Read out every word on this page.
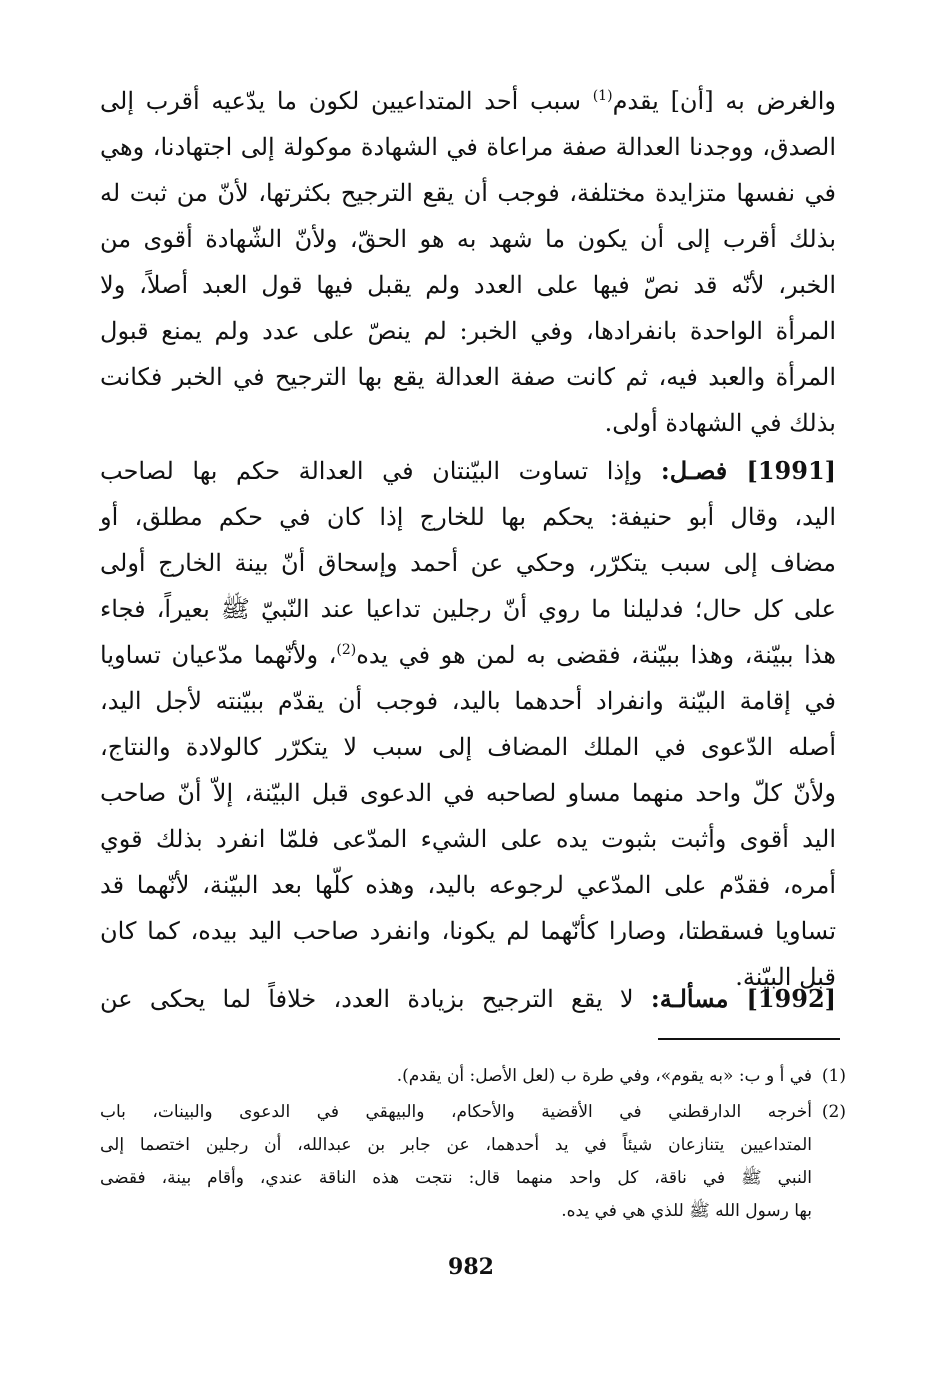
والغرض به [أن] يقدم$^{(1)}$ سبب أحد المتداعيين لكون ما يدّعيه أقرب إلى
الصدق، ووجدنا العدالة صفة مراعاة في الشهادة موكولة إلى اجتهادنا، وهي
في نفسها متزايدة مختلفة، فوجب أن يقع الترجيح بكثرتها، لأنّ من ثبت له
بذلك أقرب إلى أن يكون ما شهد به هو الحقّ، ولأنّ الشّهادة أقوى من
الخبر، لأنّه قد نصّ فيها على العدد ولم يقبل فيها قول العبد أصلاً، ولا
المرأة الواحدة بانفرادها، وفي الخبر: لم ينصّ على عدد ولم يمنع قبول
المرأة والعبد فيه، ثم كانت صفة العدالة يقع بها الترجيح في الخبر فكانت
بذلك في الشهادة أولى.
[1991] فصـل: وإذا تساوت البيّنتان في العدالة حكم بها لصاحب
اليد، وقال أبو حنيفة: يحكم بها للخارج إذا كان في حكم مطلق، أو
مضاف إلى سبب يتكرّر، وحكي عن أحمد وإسحاق أنّ بينة الخارج أولى
على كل حال؛ فدليلنا ما روي أنّ رجلين تداعيا عند النّبيّ ﷺ بعيراً، فجاء
هذا ببيّنة، وهذا ببيّنة، فقضى به لمن هو في يده$^{(2)}$، ولأنّهما مدّعيان تساويا
في إقامة البيّنة وانفراد أحدهما باليد، فوجب أن يقدّم ببيّنته لأجل اليد،
أصله الدّعوى في الملك المضاف إلى سبب لا يتكرّر كالولادة والنتاج،
ولأنّ كلّ واحد منهما مساو لصاحبه في الدعوى قبل البيّنة، إلاّ أنّ صاحب
اليد أقوى وأثبت بثبوت يده على الشيء المدّعى فلمّا انفرد بذلك قوي
أمره، فقدّم على المدّعي لرجوعه باليد، وهذه كلّها بعد البيّنة، لأنّهما قد
تساويا فسقطتا، وصارا كأنّهما لم يكونا، وانفرد صاحب اليد بيده، كما كان
قبل البيّنة.
[1992] مسألـة: لا يقع الترجيح بزيادة العدد، خلافاً لما يحكى عن
(1)في أ و ب: «به يقوم»، وفي طرة ب (لعل الأصل: أن يقدم).
(2)أخرجه الدارقطني في الأقضية والأحكام، والبيهقي في الدعوى والبينات، باب
المتداعيين يتنازعان شيئاً في يد أحدهما، عن جابر بن عبدالله، أن رجلين اختصما إلى
النبي ﷺ في ناقة، كل واحد منهما قال: نتجت هذه الناقة عندي، وأقام بينة، فقضى
بها رسول الله ﷺ للذي هي في يده.
982
